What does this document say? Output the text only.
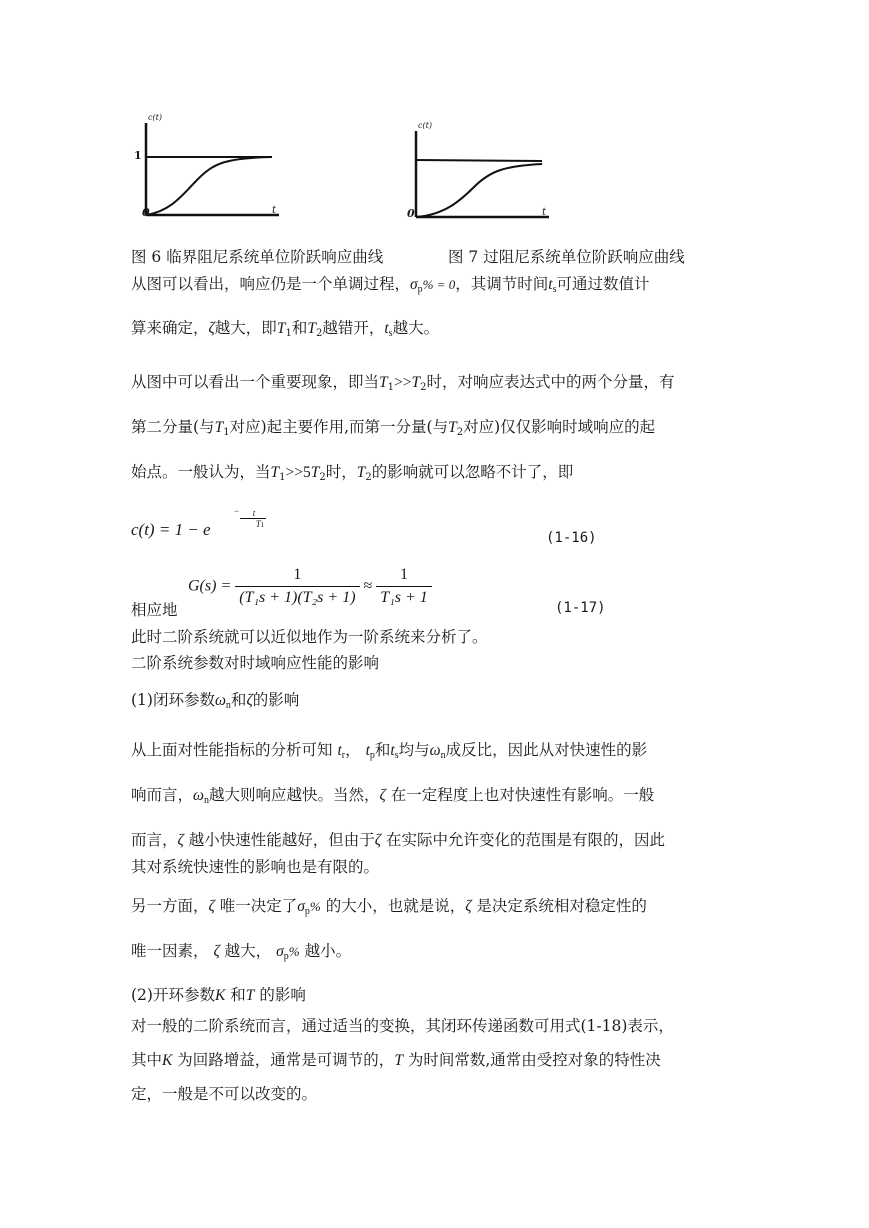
c(t)
0	t
1
c(t)
0	t
图 6 临界阻尼系统单位阶跃响应曲线	图 7 过阻尼系统单位阶跃响应曲线
从图可以看出，响应仍是一个单调过程，σp% = 0，其调节时间ts可通过数值计
算来确定，ζ越大，即T1和T2越错开，ts越大。
从图中可以看出一个重要现象，即当T1>>T2时，对响应表达式中的两个分量，有
第二分量(与T1对应)起主要作用,而第一分量(与T2对应)仅仅影响时域响应的起
始点。一般认为，当T1>>5T2时，T2的影响就可以忽略不计了，即
c(t) = 1 − e
−	t
T1
(1-16)
相应地
$G(s) = \frac{1}{\text{(T₁s + 1)(T₂s + 1)}} \approx \frac{1}{\text{T₁s + 1}}$
(1-17)
此时二阶系统就可以近似地作为一阶系统来分析了。
二阶系统参数对时域响应性能的影响
(1)闭环参数ωn和ζ的影响
从上面对性能指标的分析可知 tr， tp和ts均与ωn成反比，因此从对快速性的影
响而言，ωn越大则响应越快。当然，ζ 在一定程度上也对快速性有影响。一般
而言，ζ 越小快速性能越好，但由于ζ 在实际中允许变化的范围是有限的，因此
其对系统快速性的影响也是有限的。
另一方面，ζ 唯一决定了σp% 的大小，也就是说，ζ 是决定系统相对稳定性的
唯一因素， ζ 越大， σp% 越小。
(2)开环参数K 和T 的影响
对一般的二阶系统而言，通过适当的变换，其闭环传递函数可用式(1-18)表示，
其中K 为回路增益，通常是可调节的，T 为时间常数,通常由受控对象的特性决
定，一般是不可以改变的。
